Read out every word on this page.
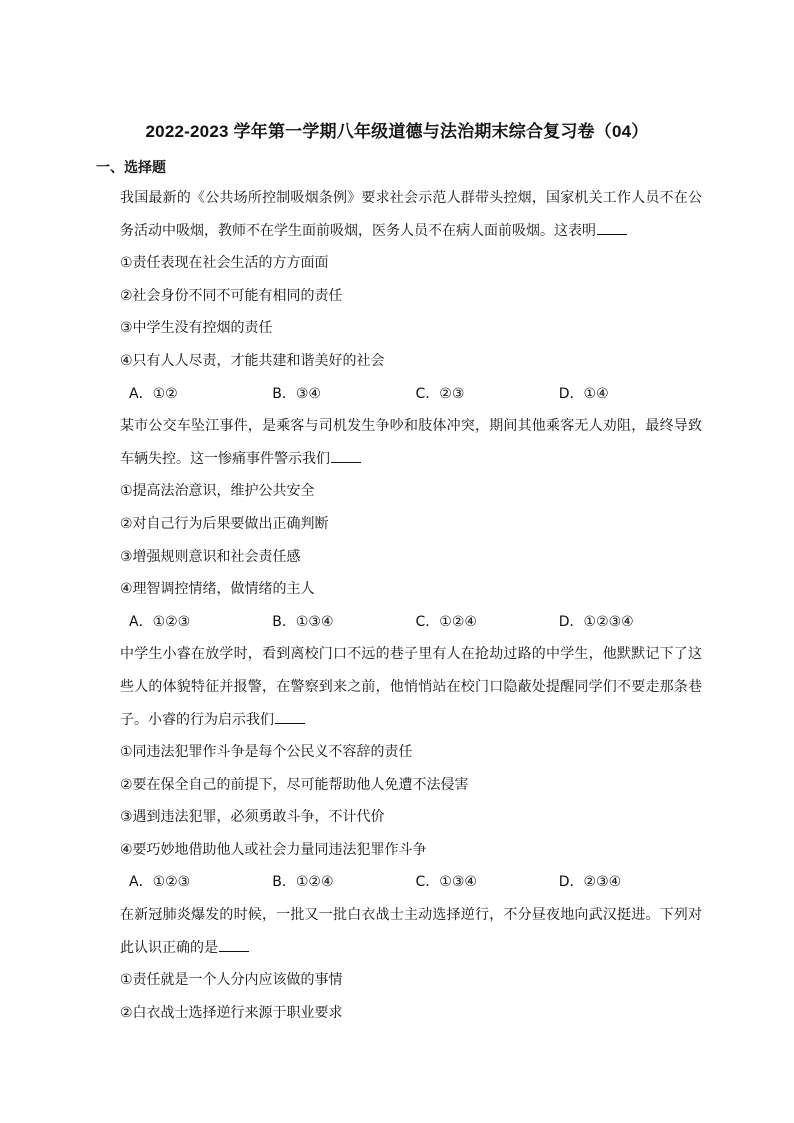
2022-2023 学年第一学期八年级道德与法治期末综合复习卷（04）
一、选择题

我国最新的《公共场所控制吸烟条例》要求社会示范人群带头控烟，国家机关工作人员不在公务活动中吸烟，教师不在学生面前吸烟，医务人员不在病人面前吸烟。这表明

①责任表现在社会生活的方方面面

②社会身份不同不可能有相同的责任

③中学生没有控烟的责任

④只有人人尽责，才能共建和谐美好的社会

A．①②	B．③④	C．②③	D．①④

某市公交车坠江事件，是乘客与司机发生争吵和肢体冲突，期间其他乘客无人劝阻，最终导致车辆失控。这一惨痛事件警示我们

①提高法治意识，维护公共安全

②对自己行为后果要做出正确判断

③增强规则意识和社会责任感

④理智调控情绪，做情绪的主人

A．①②③	B．①③④	C．①②④	D．①②③④

中学生小睿在放学时，看到离校门口不远的巷子里有人在抢劫过路的中学生，他默默记下了这些人的体貌特征并报警，在警察到来之前，他悄悄站在校门口隐蔽处提醒同学们不要走那条巷子。小睿的行为启示我们

①同违法犯罪作斗争是每个公民义不容辞的责任

②要在保全自己的前提下，尽可能帮助他人免遭不法侵害

③遇到违法犯罪，必须勇敢斗争，不计代价

④要巧妙地借助他人或社会力量同违法犯罪作斗争

A．①②③	B．①②④	C．①③④	D．②③④

在新冠肺炎爆发的时候，一批又一批白衣战士主动选择逆行，不分昼夜地向武汉挺进。下列对此认识正确的是

①责任就是一个人分内应该做的事情

②白衣战士选择逆行来源于职业要求
